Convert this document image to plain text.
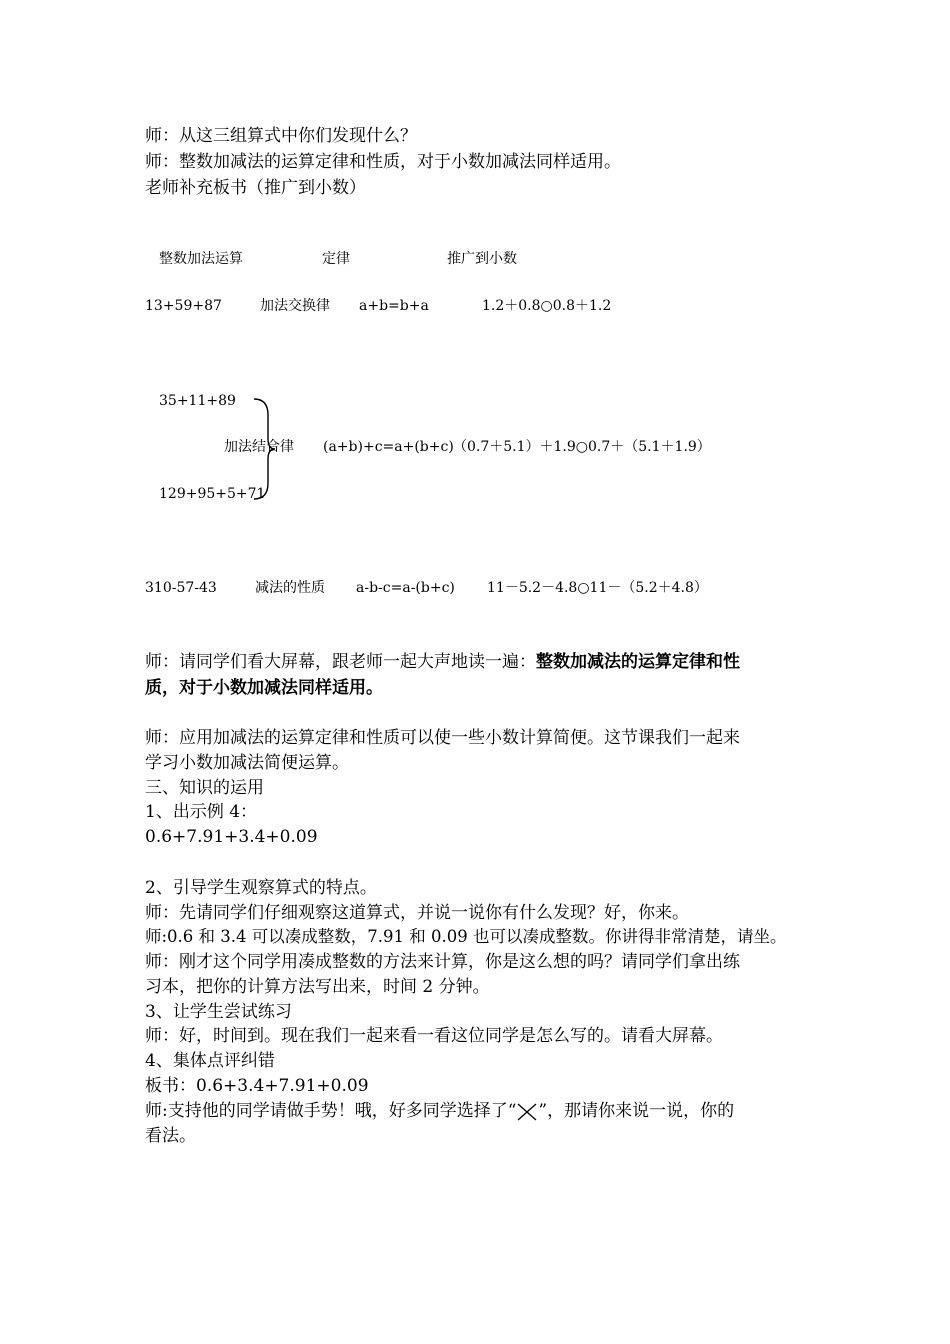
师：从这三组算式中你们发现什么？
师：整数加减法的运算定律和性质，对于小数加减法同样适用。
老师补充板书（推广到小数）
整数加法运算	定律	推广到小数
13+59+87	加法交换律 a+b=b+a	1.2＋0.8○0.8＋1.2
35+11+89
加法结合律 (a+b)+c=a+(b+c) （0.7＋5.1）＋1.9○0.7＋（5.1＋1.9）
129+95+5+71
310-57-43	减法的性质 a-b-c=a-(b+c) 11－5.2－4.8○11－（5.2＋4.8）
师：请同学们看大屏幕，跟老师一起大声地读一遍：整数加减法的运算定律和性
质，对于小数加减法同样适用。
师：应用加减法的运算定律和性质可以使一些小数计算简便。这节课我们一起来
学习小数加减法简便运算。
三、知识的运用
1、出示例 4：
0.6+7.91+3.4+0.09
2、引导学生观察算式的特点。
师：先请同学们仔细观察这道算式，并说一说你有什么发现？好，你来。
师:0.6 和 3.4 可以凑成整数，7.91 和 0.09 也可以凑成整数。你讲得非常清楚，请坐。
师：刚才这个同学用凑成整数的方法来计算，你是这么想的吗？请同学们拿出练
习本，把你的计算方法写出来，时间 2 分钟。
3、让学生尝试练习
师：好，时间到。现在我们一起来看一看这位同学是怎么写的。请看大屏幕。
4、集体点评纠错
板书：0.6+3.4+7.91+0.09
师:支持他的同学请做手势！哦，好多同学选择了“ ”，那请你来说一说，你的
看法。
